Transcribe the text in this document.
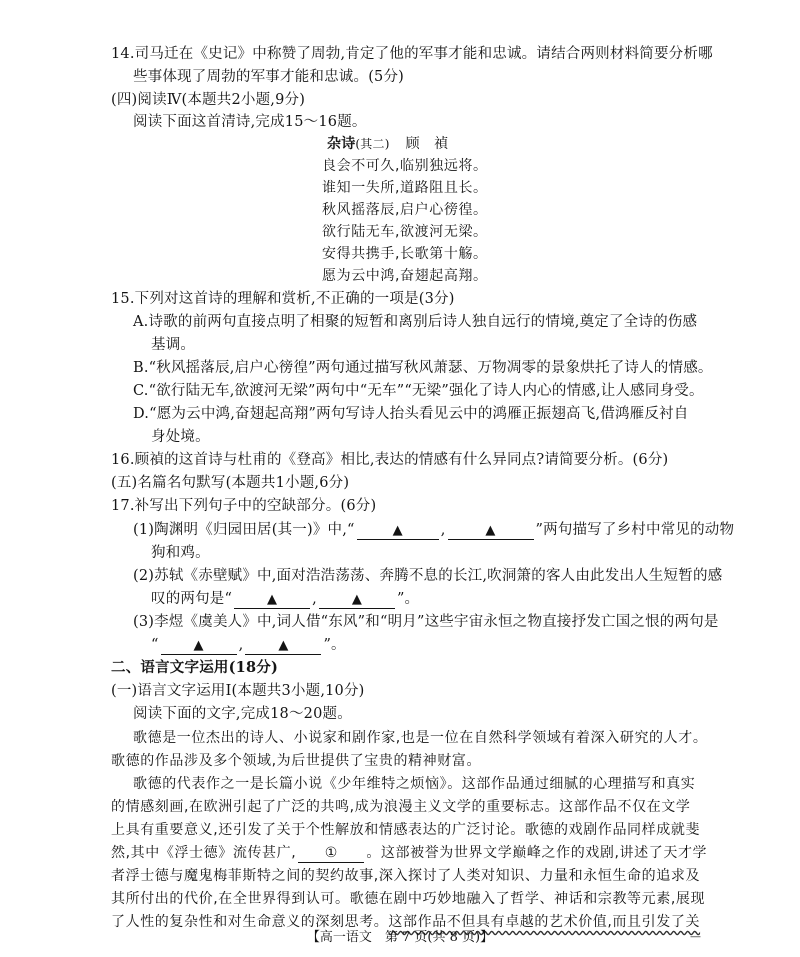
14.司马迁在《史记》中称赞了周勃,肯定了他的军事才能和忠诚。请结合两则材料简要分析哪
些事体现了周勃的军事才能和忠诚。(5分)
(四)阅读Ⅳ(本题共2小题,9分)
阅读下面这首清诗,完成15～16题。
杂诗(其二) 顾　禎
良会不可久,临别独远将。
谁知一失所,道路阻且长。
秋风摇落辰,启户心徬徨。
欲行陆无车,欲渡河无梁。
安得共携手,长歌第十觞。
愿为云中鸿,奋翅起高翔。
15.下列对这首诗的理解和赏析,不正确的一项是(3分)
A.诗歌的前两句直接点明了相聚的短暂和离别后诗人独自远行的情境,奠定了全诗的伤感
基调。
B.“秋风摇落辰,启户心徬徨”两句通过描写秋风萧瑟、万物凋零的景象烘托了诗人的情感。
C.“欲行陆无车,欲渡河无梁”两句中“无车”“无梁”强化了诗人内心的情感,让人感同身受。
D.“愿为云中鸿,奋翅起高翔”两句写诗人抬头看见云中的鸿雁正振翅高飞,借鸿雁反衬自
身处境。
16.顾禎的这首诗与杜甫的《登高》相比,表达的情感有什么异同点?请简要分析。(6分)
(五)名篇名句默写(本题共1小题,6分)
17.补写出下列句子中的空缺部分。(6分)
(1)陶渊明《归园田居(其一)》中,“	▲	,	▲	”两句描写了乡村中常见的动物
狗和鸡。
(2)苏轼《赤壁赋》中,面对浩浩荡荡、奔腾不息的长江,吹洞箫的客人由此发出人生短暂的感
叹的两句是“	▲ ,	▲ ”。
(3)李煜《虞美人》中,词人借“东风”和“明月”这些宇宙永恒之物直接抒发亡国之恨的两句是
“	▲ ,	▲ ”。
二、语言文字运用(18分)
(一)语言文字运用Ⅰ(本题共3小题,10分)
阅读下面的文字,完成18～20题。
歌德是一位杰出的诗人、小说家和剧作家,也是一位在自然科学领域有着深入研究的人才。
歌德的作品涉及多个领域,为后世提供了宝贵的精神财富。
歌德的代表作之一是长篇小说《少年维特之烦恼》。这部作品通过细腻的心理描写和真实
的情感刻画,在欧洲引起了广泛的共鸣,成为浪漫主义文学的重要标志。这部作品不仅在文学
上具有重要意义,还引发了关于个性解放和情感表达的广泛讨论。歌德的戏剧作品同样成就斐
然,其中《浮士德》流传甚广, ① 。这部被誉为世界文学巅峰之作的戏剧,讲述了天才学
者浮士德与魔鬼梅菲斯特之间的契约故事,深入探讨了人类对知识、力量和永恒生命的追求及
其所付出的代价,在全世界得到认可。歌德在剧中巧妙地融入了哲学、神话和宗教等元素,展现
了人性的复杂性和对生命意义的深刻思考。这部作品不但具有卓越的艺术价值,而且引发了关
【高一语文　第 7 页(共 8 页)】	—
